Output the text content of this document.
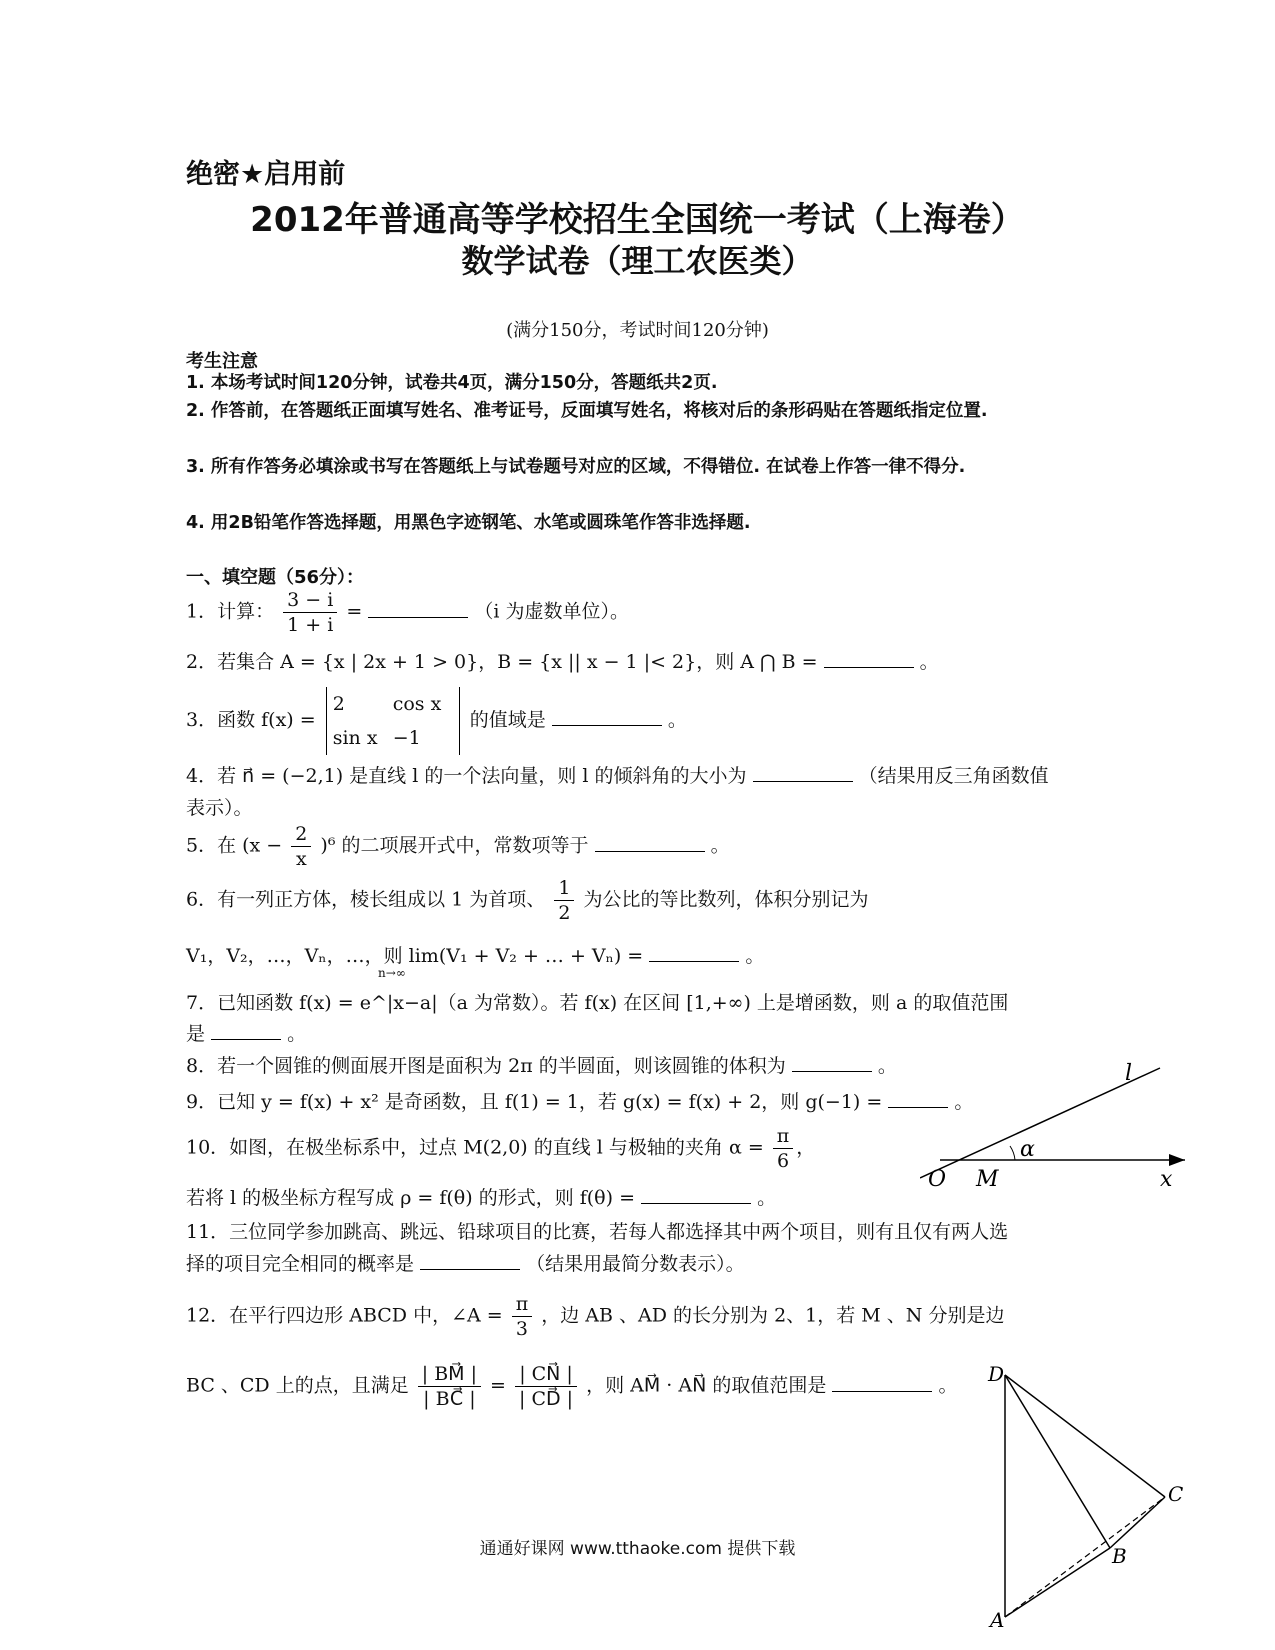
绝密★启用前
2012年普通高等学校招生全国统一考试（上海卷）
数学试卷（理工农医类）
(满分150分，考试时间120分钟)
考生注意
1. 本场考试时间120分钟，试卷共4页，满分150分，答题纸共2页.
2. 作答前，在答题纸正面填写姓名、准考证号，反面填写姓名，将核对后的条形码贴在答题纸指定位置.
3. 所有作答务必填涂或书写在答题纸上与试卷题号对应的区域，不得错位. 在试卷上作答一律不得分.
4. 用2B铅笔作答选择题，用黑色字迹钢笔、水笔或圆珠笔作答非选择题.
一、填空题（56分）：
1．计算： $\frac{3 - i}{1 + i}$ =	（i 为虚数单位）。
2．若集合 A = {x | 2x + 1 > 0}，B = {x || x − 1 |< 2}，则 A ⋂ B =	。
3．函数 f(x) =
2	cos x
sin x −1
的值域是	。
4．若 n⃗ = (−2,1) 是直线 l 的一个法向量，则 l 的倾斜角的大小为	（结果用反三角函数值
表示）。
5．在 $(x - \frac{2}{x} )^6$ 的二项展开式中，常数项等于	。
6．有一列正方体，棱长组成以 1 为首项、 $\frac{1}{2}$ 为公比的等比数列，体积分别记为
V₁，V₂，…，Vₙ，…，则 lim(V₁ + V₂ + … + Vₙ) =	。
n→∞
7．已知函数 f(x) = e^|x−a|（a 为常数）。若 f(x) 在区间 [1,+∞) 上是增函数，则 a 的取值范围
是	。
8．若一个圆锥的侧面展开图是面积为 2π 的半圆面，则该圆锥的体积为	。
9．已知 y = f(x) + x² 是奇函数，且 f(1) = 1，若 g(x) = f(x) + 2，则 g(−1) =	。
10．如图，在极坐标系中，过点 M(2,0) 的直线 l 与极轴的夹角 $\alpha = \frac{\pi}{6}$ ，
若将 l 的极坐标方程写成 ρ = f(θ) 的形式，则 f(θ) =	。
l
α
O M	x
11．三位同学参加跳高、跳远、铅球项目的比赛，若每人都选择其中两个项目，则有且仅有两人选
择的项目完全相同的概率是	（结果用最简分数表示）。
12．在平行四边形 ABCD 中，∠A = $\frac{\pi}{3}$ ，边 AB 、AD 的长分别为 2、1，若 M 、N 分别是边
BC 、CD 上的点，且满足 $\frac{| BM⃗ |}{| BC⃗ |} = \frac{| CN⃗ |}{| CD⃗ |}$ ，则 AM⃗ · AN⃗ 的取值范围是	。	D
C
B
A
通通好课网 www.tthaoke.com 提供下载
